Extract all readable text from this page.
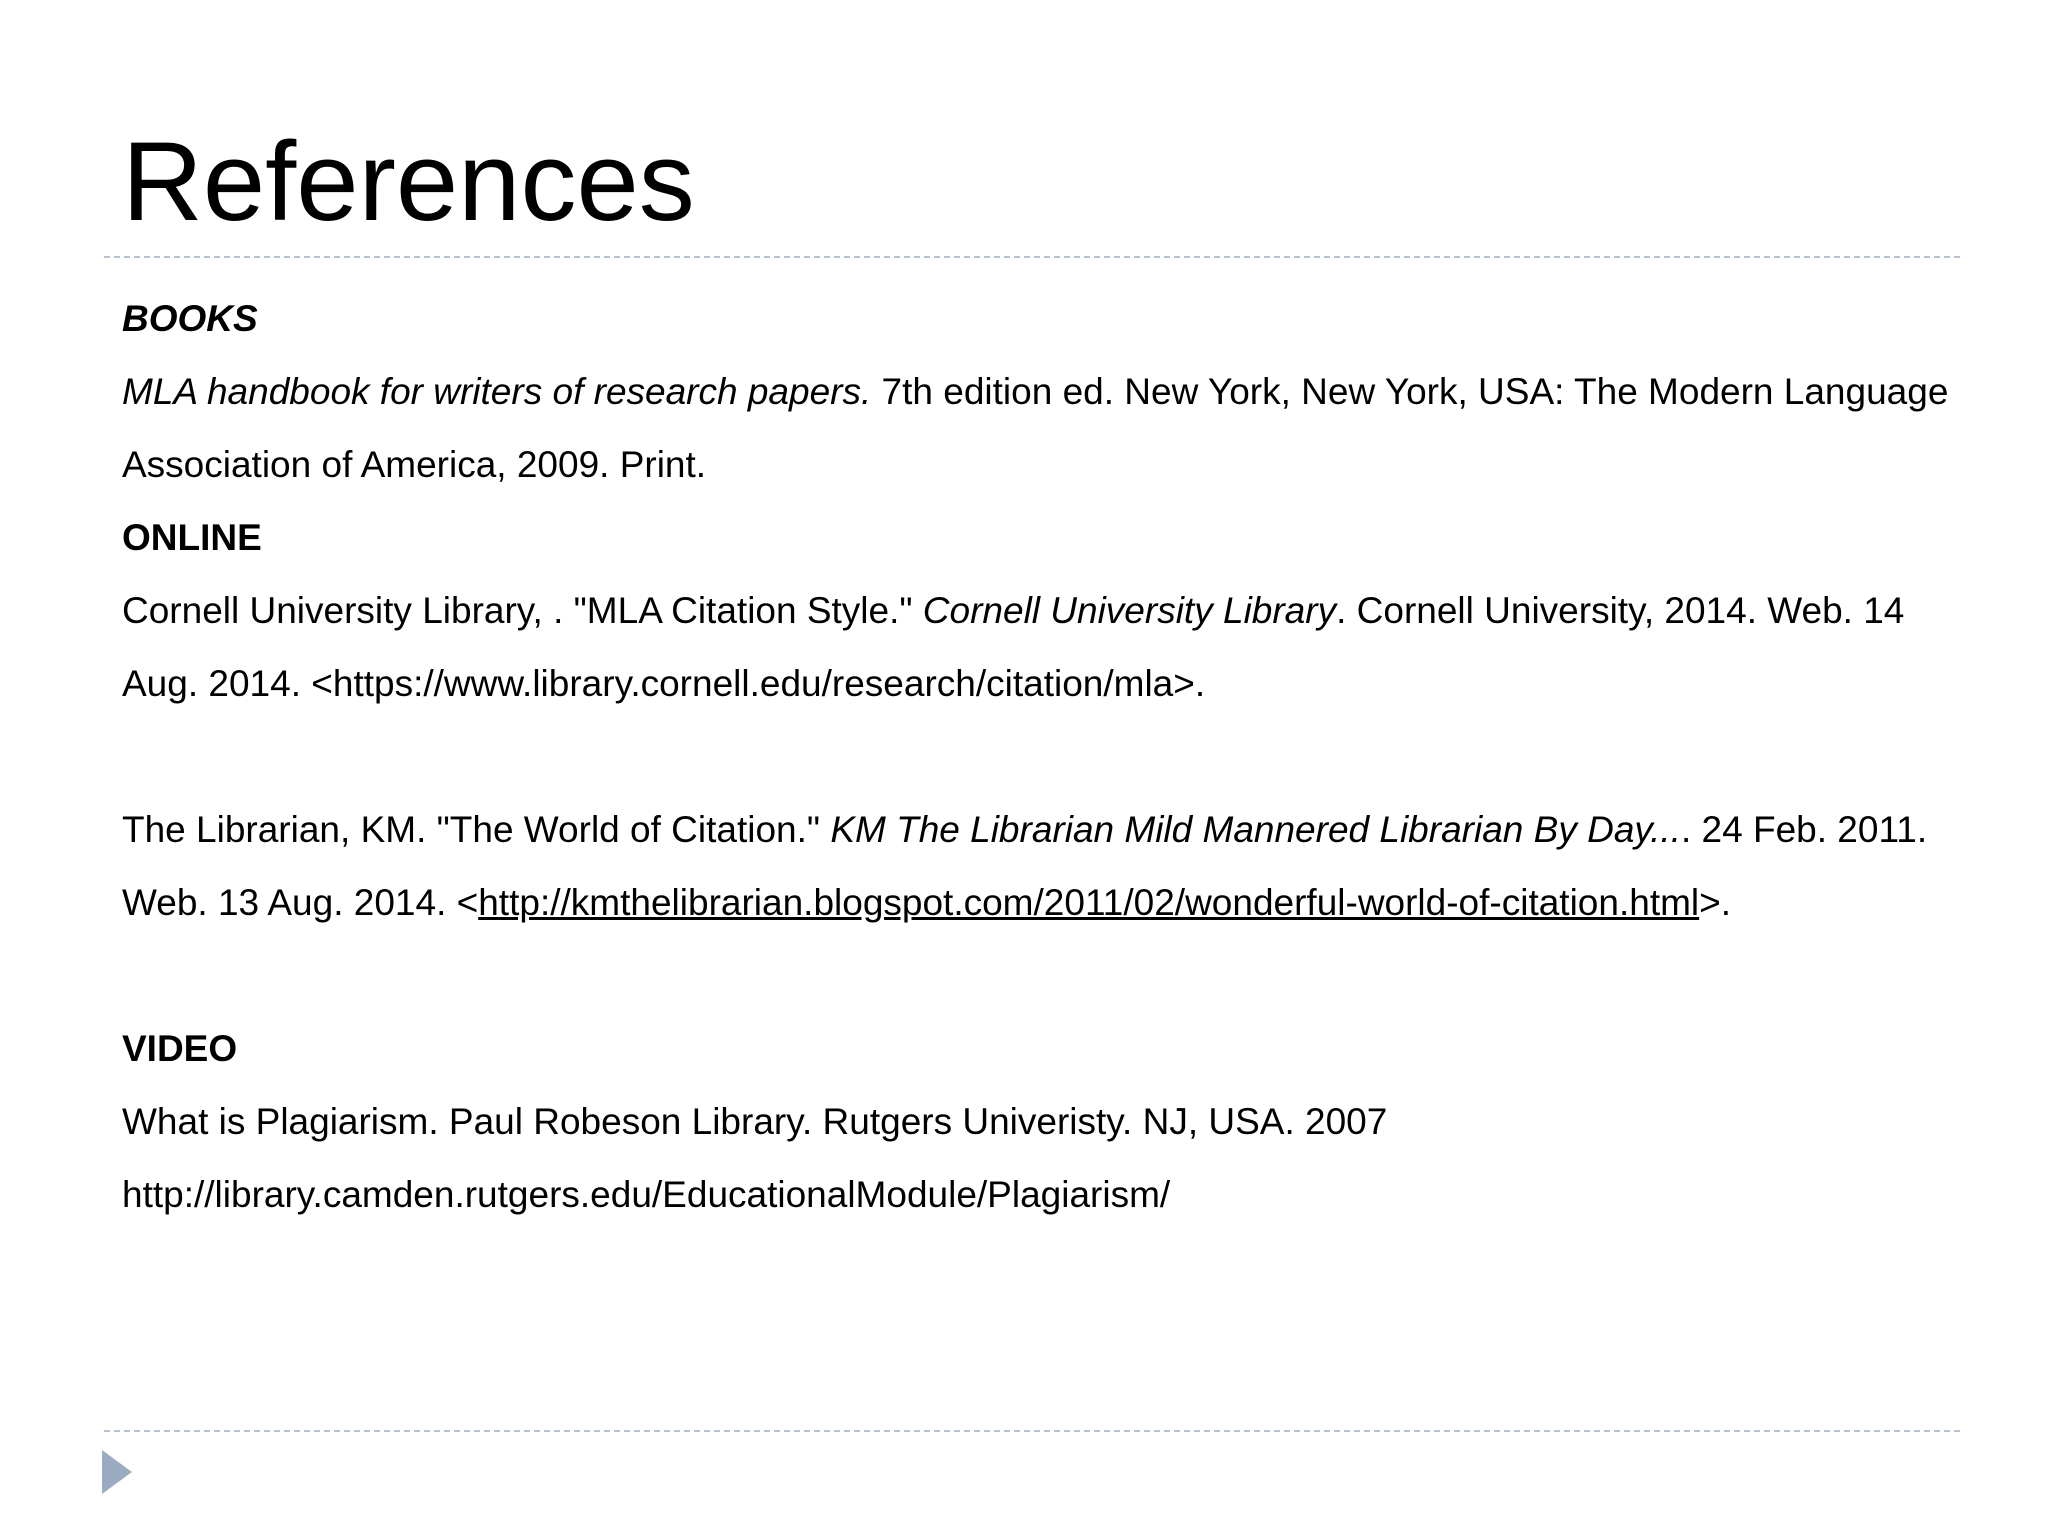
References

BOOKS

MLA handbook for writers of research papers. 7th edition ed. New York, New York, USA: The Modern Language Association of America, 2009. Print.

ONLINE

Cornell University Library, . "MLA Citation Style." Cornell University Library. Cornell University, 2014. Web. 14 Aug. 2014. <https://www.library.cornell.edu/research/citation/mla>.

The Librarian, KM. "The World of Citation." KM The Librarian Mild Mannered Librarian By Day.... 24 Feb. 2011. Web. 13 Aug. 2014. <http://kmthelibrarian.blogspot.com/2011/02/wonderful-world-of-citation.html>.

VIDEO

What is Plagiarism. Paul Robeson Library. Rutgers Univeristy. NJ, USA. 2007

http://library.camden.rutgers.edu/EducationalModule/Plagiarism/
